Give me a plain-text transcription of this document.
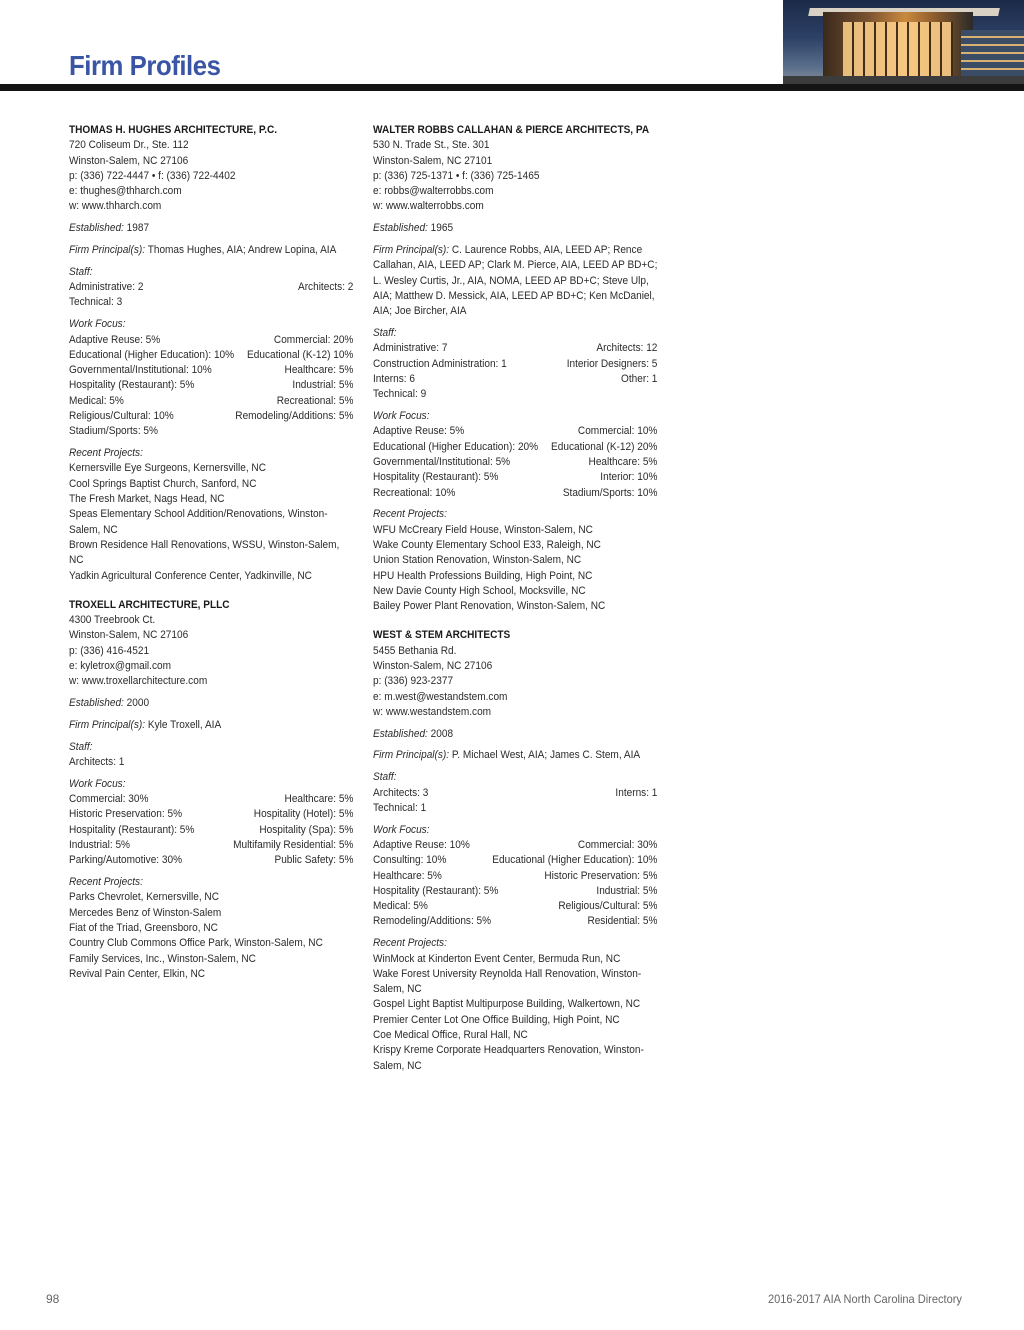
Firm Profiles
THOMAS H. HUGHES ARCHITECTURE, P.C.
720 Coliseum Dr., Ste. 112
Winston-Salem, NC 27106
p: (336) 722-4447 • f: (336) 722-4402
e: thughes@thharch.com
w: www.thharch.com
Established: 1987
Firm Principal(s): Thomas Hughes, AIA; Andrew Lopina, AIA
Staff:
Administrative: 2	Architects: 2
Technical: 3
Work Focus:
Adaptive Reuse: 5%	Commercial: 20%
Educational (Higher Education): 10% Educational (K-12) 10%
Governmental/Institutional: 10%	Healthcare: 5%
Hospitality (Restaurant): 5%	Industrial: 5%
Medical: 5%	Recreational: 5%
Religious/Cultural: 10%	Remodeling/Additions: 5%
Stadium/Sports: 5%
Recent Projects:
Kernersville Eye Surgeons, Kernersville, NC
Cool Springs Baptist Church, Sanford, NC
The Fresh Market, Nags Head, NC
Speas Elementary School Addition/Renovations, Winston-Salem, NC
Brown Residence Hall Renovations, WSSU, Winston-Salem, NC
Yadkin Agricultural Conference Center, Yadkinville, NC
TROXELL ARCHITECTURE, PLLC
4300 Treebrook Ct.
Winston-Salem, NC 27106
p: (336) 416-4521
e: kyletrox@gmail.com
w: www.troxellarchitecture.com
Established: 2000
Firm Principal(s): Kyle Troxell, AIA
Staff:
Architects: 1
Work Focus:
Commercial: 30%	Healthcare: 5%
Historic Preservation: 5%	Hospitality (Hotel): 5%
Hospitality (Restaurant): 5%	Hospitality (Spa): 5%
Industrial: 5%	Multifamily Residential: 5%
Parking/Automotive: 30%	Public Safety: 5%
Recent Projects:
Parks Chevrolet, Kernersville, NC
Mercedes Benz of Winston-Salem
Fiat of the Triad, Greensboro, NC
Country Club Commons Office Park, Winston-Salem, NC
Family Services, Inc., Winston-Salem, NC
Revival Pain Center, Elkin, NC
WALTER ROBBS CALLAHAN & PIERCE ARCHITECTS, PA
530 N. Trade St., Ste. 301
Winston-Salem, NC 27101
p: (336) 725-1371 • f: (336) 725-1465
e: robbs@walterrobbs.com
w: www.walterrobbs.com
Established: 1965
Firm Principal(s): C. Laurence Robbs, AIA, LEED AP; Rence Callahan, AIA, LEED AP; Clark M. Pierce, AIA, LEED AP BD+C; L. Wesley Curtis, Jr., AIA, NOMA, LEED AP BD+C; Steve Ulp, AIA; Matthew D. Messick, AIA, LEED AP BD+C; Ken McDaniel, AIA; Joe Bircher, AIA
Staff:
Administrative: 7	Architects: 12
Construction Administration: 1	Interior Designers: 5
Interns: 6	Other: 1
Technical: 9
Work Focus:
Adaptive Reuse: 5%	Commercial: 10%
Educational (Higher Education): 20% Educational (K-12) 20%
Governmental/Institutional: 5%	Healthcare: 5%
Hospitality (Restaurant): 5%	Interior: 10%
Recreational: 10%	Stadium/Sports: 10%
Recent Projects:
WFU McCreary Field House, Winston-Salem, NC
Wake County Elementary School E33, Raleigh, NC
Union Station Renovation, Winston-Salem, NC
HPU Health Professions Building, High Point, NC
New Davie County High School, Mocksville, NC
Bailey Power Plant Renovation, Winston-Salem, NC
WEST & STEM ARCHITECTS
5455 Bethania Rd.
Winston-Salem, NC 27106
p: (336) 923-2377
e: m.west@westandstem.com
w: www.westandstem.com
Established: 2008
Firm Principal(s): P. Michael West, AIA; James C. Stem, AIA
Staff:
Architects: 3	Interns: 1
Technical: 1
Work Focus:
Adaptive Reuse: 10%	Commercial: 30%
Consulting: 10%	Educational (Higher Education): 10%
Healthcare: 5%	Historic Preservation: 5%
Hospitality (Restaurant): 5%	Industrial: 5%
Medical: 5%	Religious/Cultural: 5%
Remodeling/Additions: 5%	Residential: 5%
Recent Projects:
WinMock at Kinderton Event Center, Bermuda Run, NC
Wake Forest University Reynolda Hall Renovation, Winston-Salem, NC
Gospel Light Baptist Multipurpose Building, Walkertown, NC
Premier Center Lot One Office Building, High Point, NC
Coe Medical Office, Rural Hall, NC
Krispy Kreme Corporate Headquarters Renovation, Winston-Salem, NC
98	2016-2017 AIA North Carolina Directory
